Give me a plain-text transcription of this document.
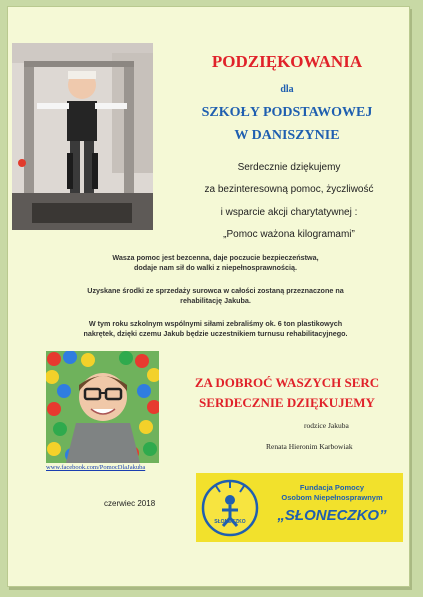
PODZIĘKOWANIA
dla
SZKOŁY PODSTAWOWEJ
W DANISZYNIE
Serdecznie dziękujemy
za bezinteresowną pomoc, życzliwość
i wsparcie akcji charytatywnej :
„Pomoc ważona kilogramami”
Wasza pomoc jest bezcenna, daje poczucie bezpieczeństwa,
dodaje nam sił do walki z niepełnosprawnością.
Uzyskane środki ze sprzedaży surowca w całości zostaną przeznaczone na
rehabilitację Jakuba.
W tym roku szkolnym wspólnymi siłami zebraliśmy ok. 6 ton plastikowych
nakrętek, dzięki czemu Jakub będzie uczestnikiem turnusu rehabilitacyjnego.
www.facebook.com/PomocDlaJakuba
ZA DOBROĆ WASZYCH SERC
SERDECZNIE DZIĘKUJEMY
rodzice Jakuba
Renata Hieronim Karbowiak
czerwiec 2018
SŁONECZKO
Fundacja Pomocy
Osobom Niepełnosprawnym
„SŁONECZKO”
